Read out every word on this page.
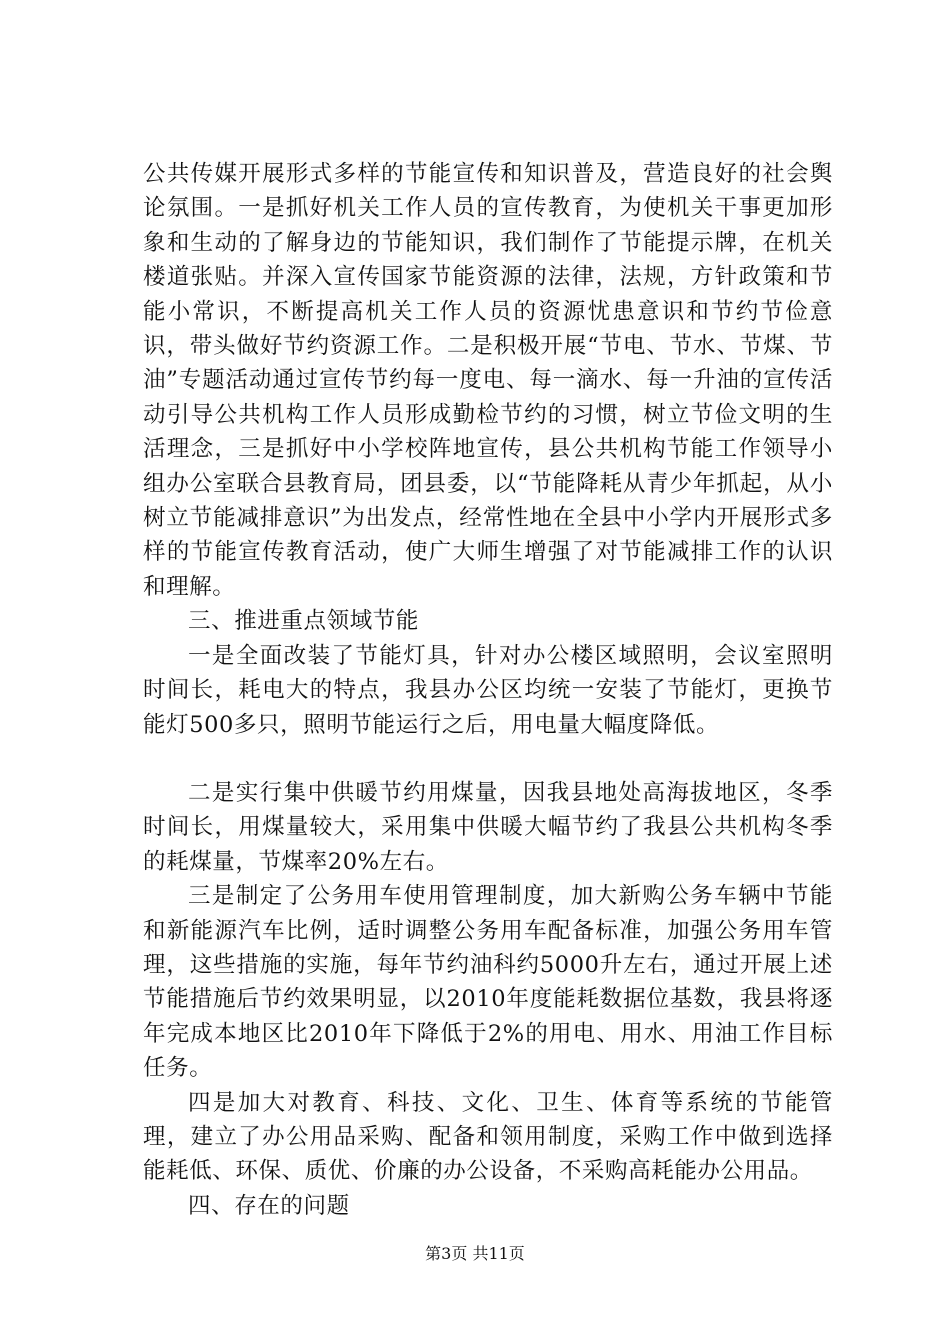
公共传媒开展形式多样的节能宣传和知识普及，营造良好的社会舆论氛围。一是抓好机关工作人员的宣传教育，为使机关干事更加形象和生动的了解身边的节能知识，我们制作了节能提示牌，在机关楼道张贴。并深入宣传国家节能资源的法律，法规，方针政策和节能小常识，不断提高机关工作人员的资源忧患意识和节约节俭意识，带头做好节约资源工作。二是积极开展“节电、节水、节煤、节油”专题活动通过宣传节约每一度电、每一滴水、每一升油的宣传活动引导公共机构工作人员形成勤检节约的习惯，树立节俭文明的生活理念，三是抓好中小学校阵地宣传，县公共机构节能工作领导小组办公室联合县教育局，团县委，以“节能降耗从青少年抓起，从小树立节能减排意识”为出发点，经常性地在全县中小学内开展形式多样的节能宣传教育活动，使广大师生增强了对节能减排工作的认识和理解。

三、推进重点领域节能

一是全面改装了节能灯具，针对办公楼区域照明，会议室照明时间长，耗电大的特点，我县办公区均统一安装了节能灯，更换节能灯500多只，照明节能运行之后，用电量大幅度降低。

二是实行集中供暖节约用煤量，因我县地处高海拔地区，冬季时间长，用煤量较大，采用集中供暖大幅节约了我县公共机构冬季的耗煤量，节煤率20%左右。

三是制定了公务用车使用管理制度，加大新购公务车辆中节能和新能源汽车比例，适时调整公务用车配备标准，加强公务用车管理，这些措施的实施，每年节约油科约5000升左右，通过开展上述节能措施后节约效果明显，以2010年度能耗数据位基数，我县将逐年完成本地区比2010年下降低于2%的用电、用水、用油工作目标任务。

四是加大对教育、科技、文化、卫生、体育等系统的节能管理，建立了办公用品采购、配备和领用制度，采购工作中做到选择能耗低、环保、质优、价廉的办公设备，不采购高耗能办公用品。

四、存在的问题

第3页 共11页
